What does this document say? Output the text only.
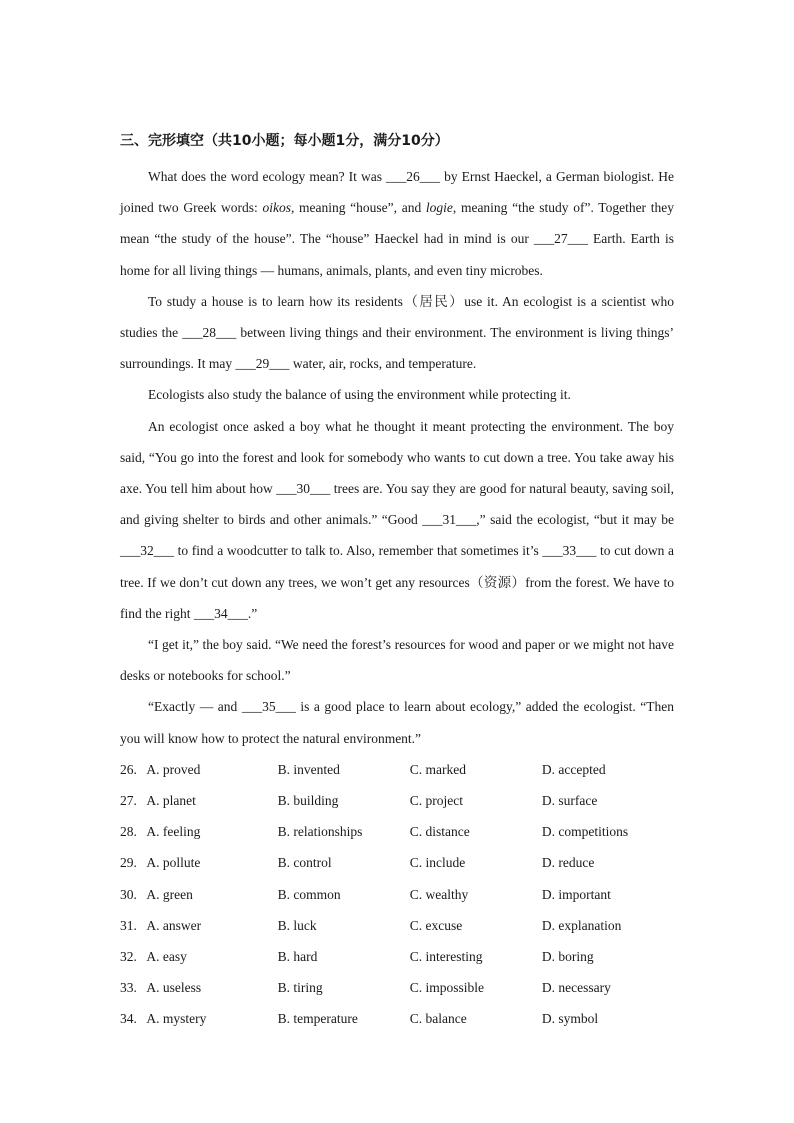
三、完形填空（共10小题；每小题1分，满分10分）

What does the word ecology mean? It was ___26___ by Ernst Haeckel, a German biologist. He joined two Greek words: oikos, meaning “house”, and logie, meaning “the study of”. Together they mean “the study of the house”. The “house” Haeckel had in mind is our ___27___ Earth. Earth is home for all living things — humans, animals, plants, and even tiny microbes.

To study a house is to learn how its residents（居民）use it. An ecologist is a scientist who studies the ___28___ between living things and their environment. The environment is living things’ surroundings. It may ___29___ water, air, rocks, and temperature.

Ecologists also study the balance of using the environment while protecting it.

An ecologist once asked a boy what he thought it meant protecting the environment. The boy said, “You go into the forest and look for somebody who wants to cut down a tree. You take away his axe. You tell him about how ___30___ trees are. You say they are good for natural beauty, saving soil, and giving shelter to birds and other animals.” “Good ___31___,” said the ecologist, “but it may be ___32___ to find a woodcutter to talk to. Also, remember that sometimes it’s ___33___ to cut down a tree. If we don’t cut down any trees, we won’t get any resources（资源）from the forest. We have to find the right ___34___.”

“I get it,” the boy said. “We need the forest’s resources for wood and paper or we might not have desks or notebooks for school.”

“Exactly — and ___35___ is a good place to learn about ecology,” added the ecologist. “Then you will know how to protect the natural environment.”

26. A. proved	B. invented	C. marked	D. accepted
27. A. planet	B. building	C. project	D. surface
28. A. feeling	B. relationships	C. distance	D. competitions
29. A. pollute	B. control	C. include	D. reduce
30. A. green	B. common	C. wealthy	D. important
31. A. answer	B. luck	C. excuse	D. explanation
32. A. easy	B. hard	C. interesting	D. boring
33. A. useless	B. tiring	C. impossible	D. necessary
34. A. mystery	B. temperature	C. balance	D. symbol
